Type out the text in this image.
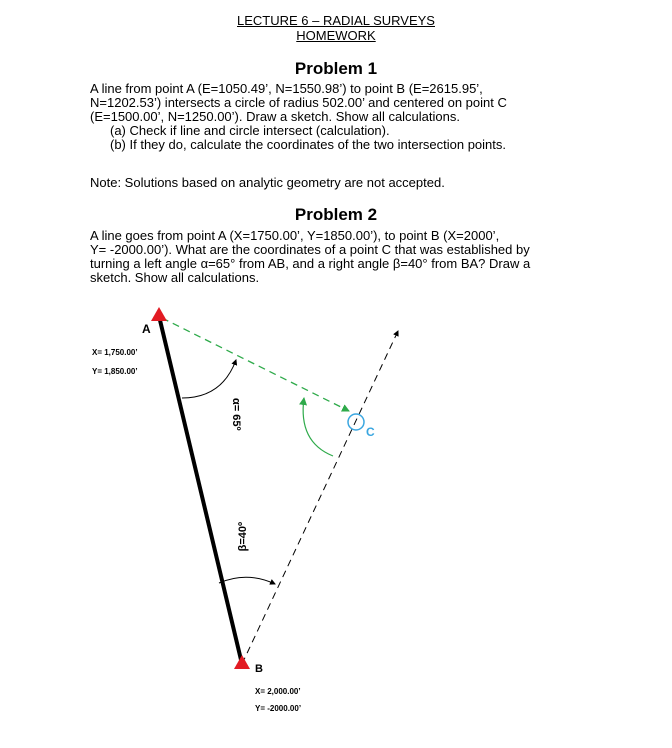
LECTURE 6 – RADIAL SURVEYS
HOMEWORK
Problem 1
A line from point A (E=1050.49’, N=1550.98’) to point B (E=2615.95’,
N=1202.53’) intersects a circle of radius 502.00’ and centered on point C
(E=1500.00’, N=1250.00’). Draw a sketch. Show all calculations.
(a) Check if line and circle intersect (calculation).
(b) If they do, calculate the coordinates of the two intersection points.
Note: Solutions based on analytic geometry are not accepted.
Problem 2
A line goes from point A (X=1750.00’, Y=1850.00’), to point B (X=2000’,
Y= -2000.00’). What are the coordinates of a point C that was established by
turning a left angle α=65° from AB, and a right angle β=40° from BA? Draw a
sketch. Show all calculations.
A
X= 1,750.00’
Y= 1,850.00’
C
B
X= 2,000.00’
Y= -2000.00’
α= 65º
β=40º
